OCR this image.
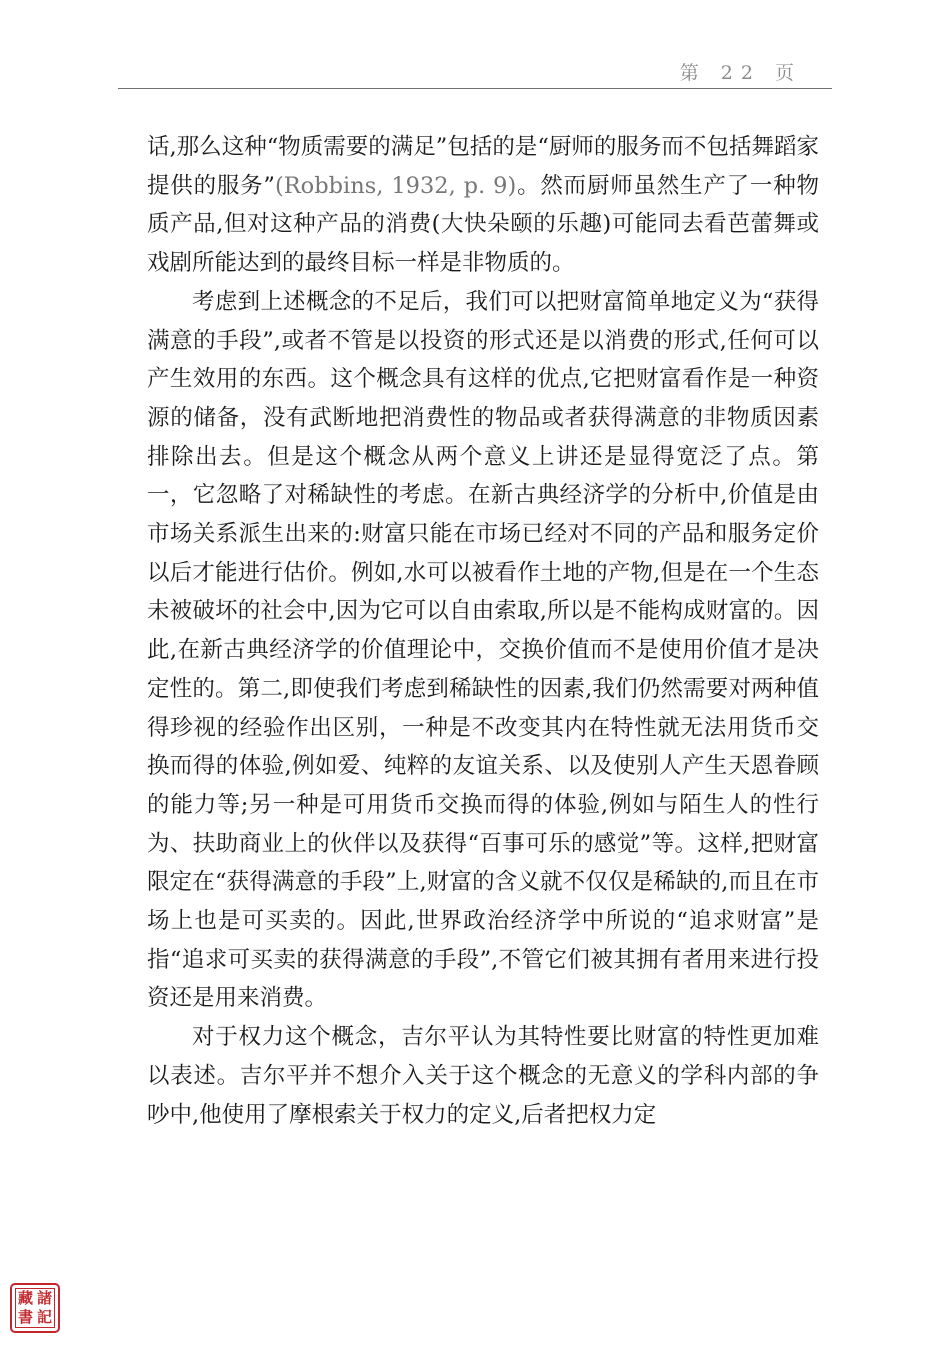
第 22 页

话,那么这种“物质需要的满足”包括的是“厨师的服务而不包括舞蹈家提供的服务”(Robbins, 1932, p. 9)。然而厨师虽然生产了一种物质产品,但对这种产品的消费(大快朵颐的乐趣)可能同去看芭蕾舞或戏剧所能达到的最终目标一样是非物质的。

考虑到上述概念的不足后，我们可以把财富简单地定义为“获得满意的手段”,或者不管是以投资的形式还是以消费的形式,任何可以产生效用的东西。这个概念具有这样的优点,它把财富看作是一种资源的储备，没有武断地把消费性的物品或者获得满意的非物质因素排除出去。但是这个概念从两个意义上讲还是显得宽泛了点。第一，它忽略了对稀缺性的考虑。在新古典经济学的分析中,价值是由市场关系派生出来的:财富只能在市场已经对不同的产品和服务定价以后才能进行估价。例如,水可以被看作土地的产物,但是在一个生态未被破坏的社会中,因为它可以自由索取,所以是不能构成财富的。因此,在新古典经济学的价值理论中，交换价值而不是使用价值才是决定性的。第二,即使我们考虑到稀缺性的因素,我们仍然需要对两种值得珍视的经验作出区别，一种是不改变其内在特性就无法用货币交换而得的体验,例如爱、纯粹的友谊关系、以及使别人产生天恩眷顾的能力等;另一种是可用货币交换而得的体验,例如与陌生人的性行为、扶助商业上的伙伴以及获得“百事可乐的感觉”等。这样,把财富限定在“获得满意的手段”上,财富的含义就不仅仅是稀缺的,而且在市场上也是可买卖的。因此,世界政治经济学中所说的“追求财富”是指“追求可买卖的获得满意的手段”,不管它们被其拥有者用来进行投资还是用来消费。

对于权力这个概念，吉尔平认为其特性要比财富的特性更加难以表述。吉尔平并不想介入关于这个概念的无意义的学科内部的争吵中,他使用了摩根索关于权力的定义,后者把权力定

藏 諸
書 記
